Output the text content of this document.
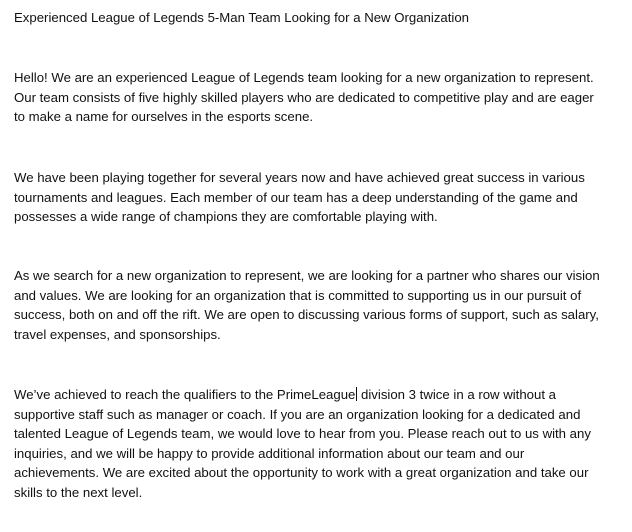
Experienced League of Legends 5-Man Team Looking for a New Organization

Hello! We are an experienced League of Legends team looking for a new organization to represent.
Our team consists of five highly skilled players who are dedicated to competitive play and are eager
to make a name for ourselves in the esports scene.

We have been playing together for several years now and have achieved great success in various
tournaments and leagues. Each member of our team has a deep understanding of the game and
possesses a wide range of champions they are comfortable playing with.

As we search for a new organization to represent, we are looking for a partner who shares our vision
and values. We are looking for an organization that is committed to supporting us in our pursuit of
success, both on and off the rift. We are open to discussing various forms of support, such as salary,
travel expenses, and sponsorships.

We’ve achieved to reach the qualifiers to the PrimeLeague division 3 twice in a row without a
supportive staff such as manager or coach. If you are an organization looking for a dedicated and
talented League of Legends team, we would love to hear from you. Please reach out to us with any
inquiries, and we will be happy to provide additional information about our team and our
achievements. We are excited about the opportunity to work with a great organization and take our
skills to the next level.
